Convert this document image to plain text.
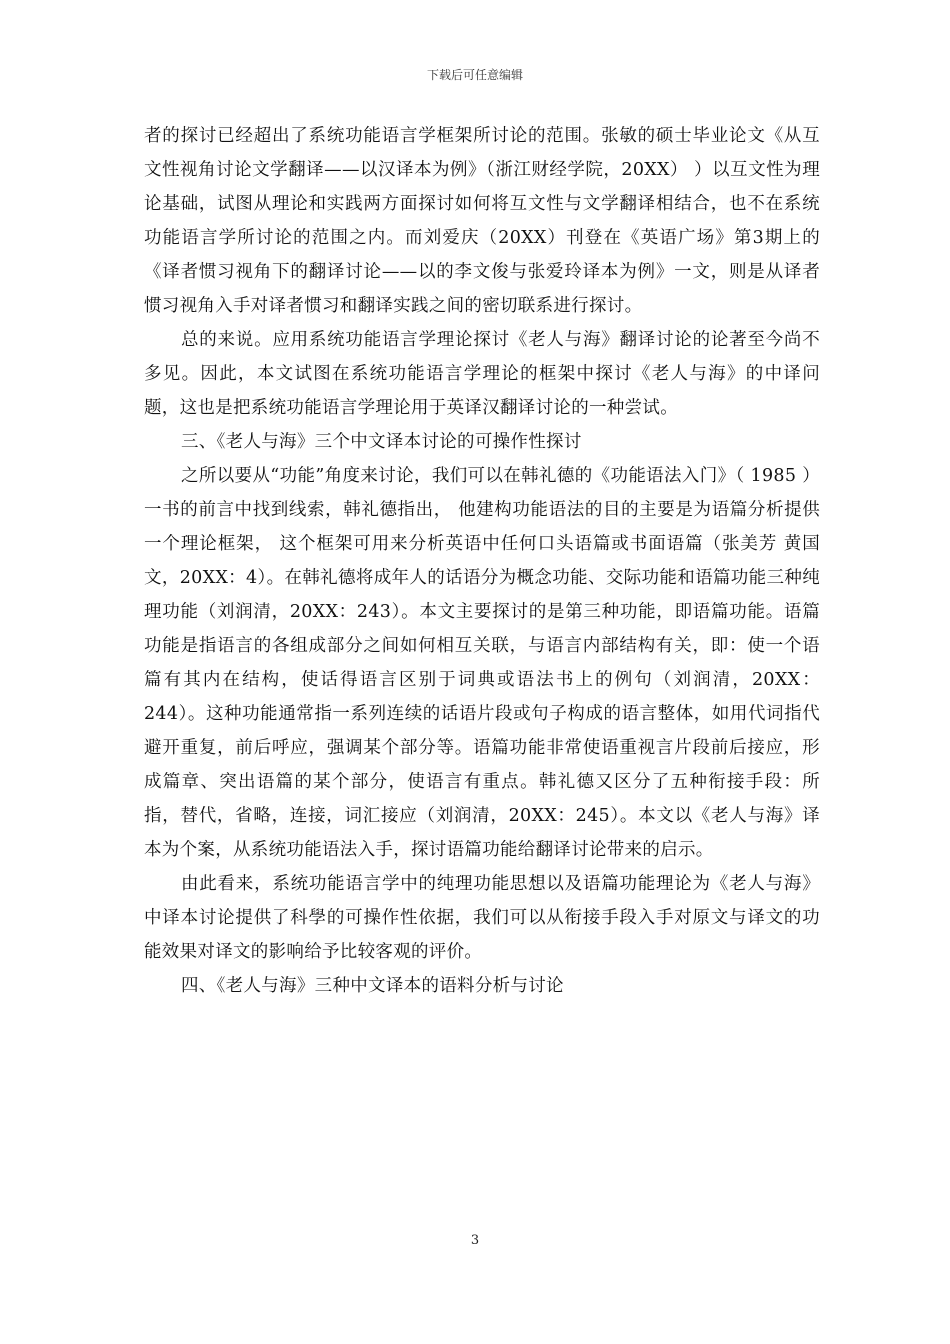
下载后可任意编辑

者的探讨已经超出了系统功能语言学框架所讨论的范围。张敏的硕士毕业论文《从互文性视角讨论文学翻译——以汉译本为例》（浙江财经学院，20XX） ）以互文性为理论基础，试图从理论和实践两方面探讨如何将互文性与文学翻译相结合，也不在系统功能语言学所讨论的范围之内。而刘爱庆（20XX）刊登在《英语广场》第3期上的《译者惯习视角下的翻译讨论——以的李文俊与张爱玲译本为例》一文，则是从译者惯习视角入手对译者惯习和翻译实践之间的密切联系进行探讨。

总的来说。应用系统功能语言学理论探讨《老人与海》翻译讨论的论著至今尚不多见。因此，本文试图在系统功能语言学理论的框架中探讨《老人与海》的中译问题，这也是把系统功能语言学理论用于英译汉翻译讨论的一种尝试。

三、《老人与海》三个中文译本讨论的可操作性探讨

之所以要从“功能”角度来讨论，我们可以在韩礼德的《功能语法入门》（ 1985 ）一书的前言中找到线索，韩礼德指出， 他建构功能语法的目的主要是为语篇分析提供一个理论框架， 这个框架可用来分析英语中任何口头语篇或书面语篇（张美芳 黄国文，20XX：4）。在韩礼德将成年人的话语分为概念功能、交际功能和语篇功能三种纯理功能（刘润清，20XX：243）。本文主要探讨的是第三种功能，即语篇功能。语篇功能是指语言的各组成部分之间如何相互关联，与语言内部结构有关，即：使一个语篇有其内在结构，使话得语言区别于词典或语法书上的例句（刘润清，20XX：244）。这种功能通常指一系列连续的话语片段或句子构成的语言整体，如用代词指代避开重复，前后呼应，强调某个部分等。语篇功能非常使语重视言片段前后接应，形成篇章、突出语篇的某个部分，使语言有重点。韩礼德又区分了五种衔接手段：所指，替代，省略，连接，词汇接应（刘润清，20XX：245）。本文以《老人与海》译本为个案，从系统功能语法入手，探讨语篇功能给翻译讨论带来的启示。

由此看来，系统功能语言学中的纯理功能思想以及语篇功能理论为《老人与海》中译本讨论提供了科學的可操作性依据，我们可以从衔接手段入手对原文与译文的功能效果对译文的影响给予比较客观的评价。

四、《老人与海》三种中文译本的语料分析与讨论

3
